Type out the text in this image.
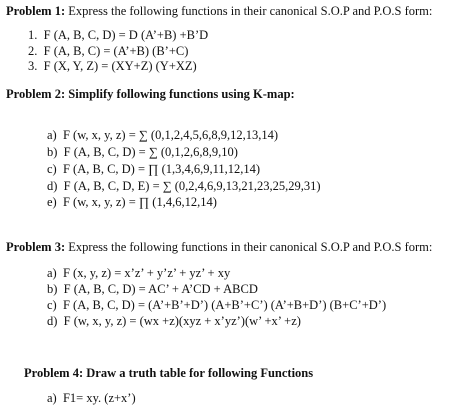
Problem 1: Express the following functions in their canonical S.O.P and P.O.S form:
1. F (A, B, C, D) = D (A’+B) +B’D
2. F (A, B, C) = (A’+B) (B’+C)
3. F (X, Y, Z) = (XY+Z) (Y+XZ)
Problem 2: Simplify following functions using K-map:
a) F (w, x, y, z) = ∑ (0,1,2,4,5,6,8,9,12,13,14)
b) F (A, B, C, D) = ∑ (0,1,2,6,8,9,10)
c) F (A, B, C, D) = ∏ (1,3,4,6,9,11,12,14)
d) F (A, B, C, D, E) = ∑ (0,2,4,6,9,13,21,23,25,29,31)
e) F (w, x, y, z) = ∏ (1,4,6,12,14)
Problem 3: Express the following functions in their canonical S.O.P and P.O.S form:
a) F (x, y, z) = x’z’ + y’z’ + yz’ + xy
b) F (A, B, C, D) = AC’ + A’CD + ABCD
c) F (A, B, C, D) = (A’+B’+D’) (A+B’+C’) (A’+B+D’) (B+C’+D’)
d) F (w, x, y, z) = (wx +z)(xyz + x’yz’)(w’ +x’ +z)
Problem 4: Draw a truth table for following Functions
a) F1= xy. (z+x’)
